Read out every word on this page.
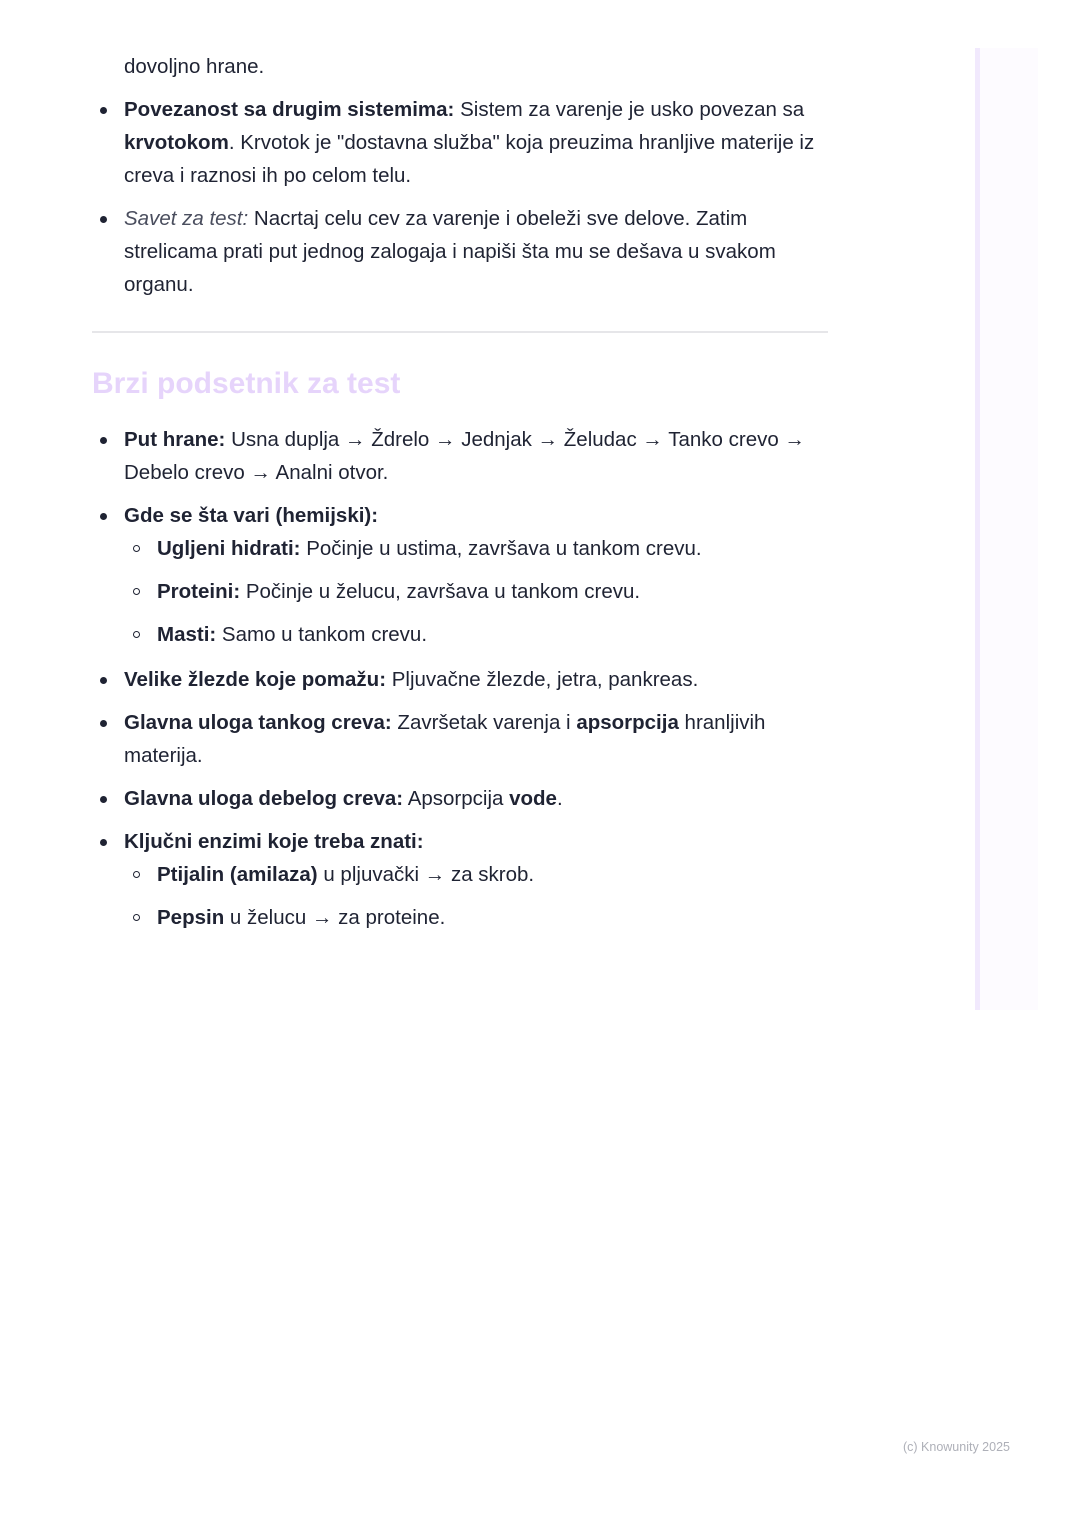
dovoljno hrane.
Povezanost sa drugim sistemima: Sistem za varenje je usko povezan sa krvotokom. Krvotok je "dostavna služba" koja preuzima hranljive materije iz creva i raznosi ih po celom telu.
Savet za test: Nacrtaj celu cev za varenje i obeleži sve delove. Zatim strelicama prati put jednog zalogaja i napiši šta mu se dešava u svakom organu.
Brzi podsetnik za test
Put hrane: Usna duplja → Ždrelo → Jednjak → Želudac → Tanko crevo → Debelo crevo → Analni otvor.
Gde se šta vari (hemijski):
Ugljeni hidrati: Počinje u ustima, završava u tankom crevu.
Proteini: Počinje u želucu, završava u tankom crevu.
Masti: Samo u tankom crevu.
Velike žlezde koje pomažu: Pljuvačne žlezde, jetra, pankreas.
Glavna uloga tankog creva: Završetak varenja i apsorpcija hranljivih materija.
Glavna uloga debelog creva: Apsorpcija vode.
Ključni enzimi koje treba znati:
Ptijalin (amilaza) u pljuvački → za skrob.
Pepsin u želucu → za proteine.
(c) Knowunity 2025
